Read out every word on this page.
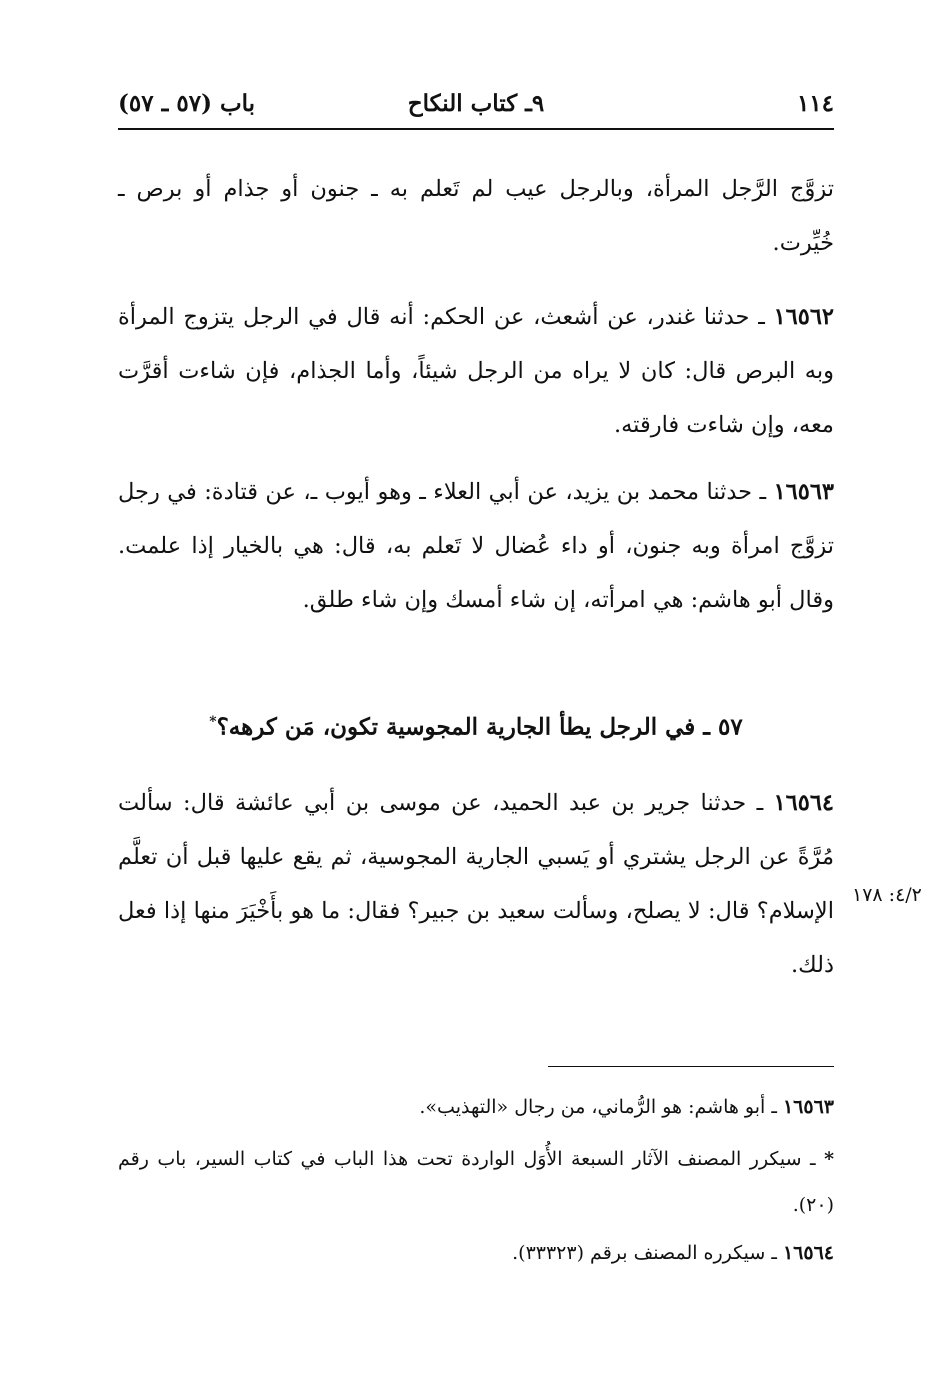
١١٤
٩ـ كتاب النكاح
باب (٥٧ ـ ٥٧)

تزوَّج الرَّجل المرأة، وبالرجل عيب لم تَعلم به ـ جنون أو جذام أو برص ـ خُيِّرت.

١٦٥٦٢ ـ حدثنا غندر، عن أشعث، عن الحكم: أنه قال في الرجل يتزوج المرأة وبه البرص قال: كان لا يراه من الرجل شيئاً، وأما الجذام، فإن شاءت أقرَّت معه، وإن شاءت فارقته.

١٦٥٦٣ ـ حدثنا محمد بن يزيد، عن أبي العلاء ـ وهو أيوب ـ، عن قتادة: في رجل تزوَّج امرأة وبه جنون، أو داء عُضال لا تَعلم به، قال: هي بالخيار إذا علمت. وقال أبو هاشم: هي امرأته، إن شاء أمسك وإن شاء طلق.

٥٧ ـ في الرجل يطأ الجارية المجوسية تكون، مَن كرهه؟*

١٦٥٦٤ ـ حدثنا جرير بن عبد الحميد، عن موسى بن أبي عائشة قال: سألت مُرَّةً عن الرجل يشتري أو يَسبي الجارية المجوسية، ثم يقع عليها قبل أن تعلَّم الإسلام؟ قال: لا يصلح، وسألت سعيد بن جبير؟ فقال: ما هو بأَخْيَرَ منها إذا فعل ذلك.

٤/٢: ١٧٨

١٦٥٦٣ ـ أبو هاشم: هو الرُّماني، من رجال «التهذيب».

* ـ سيكرر المصنف الآثار السبعة الأُوَل الواردة تحت هذا الباب في كتاب السير، باب رقم (٢٠).

١٦٥٦٤ ـ سيكرره المصنف برقم (٣٣٣٢٣).
